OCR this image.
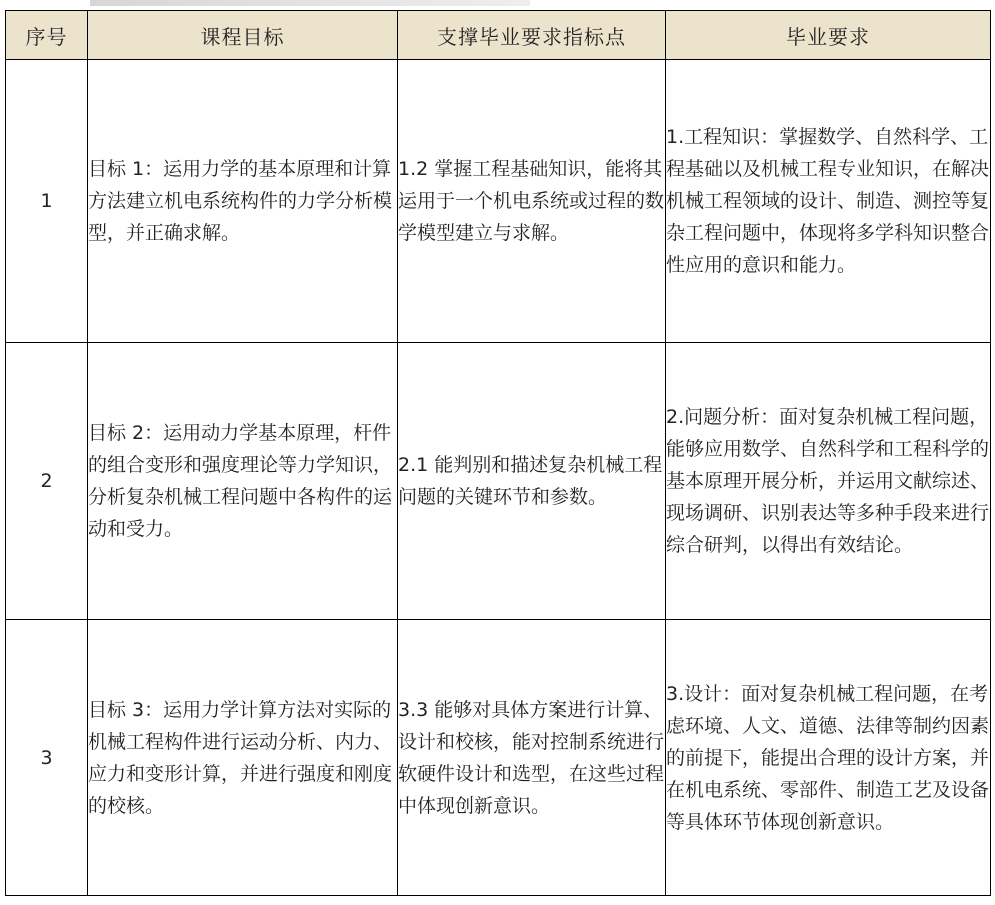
序号	课程目标	支撑毕业要求指标点	毕业要求
1	目标 1：运用力学的基本原理和计算方法建立机电系统构件的力学分析模型，并正确求解。	1.2 掌握工程基础知识，能将其运用于一个机电系统或过程的数学模型建立与求解。	1.工程知识：掌握数学、自然科学、工程基础以及机械工程专业知识，在解决机械工程领域的设计、制造、测控等复杂工程问题中，体现将多学科知识整合性应用的意识和能力。
2	目标 2：运用动力学基本原理，杆件的组合变形和强度理论等力学知识，分析复杂机械工程问题中各构件的运动和受力。	2.1 能判别和描述复杂机械工程问题的关键环节和参数。	2.问题分析：面对复杂机械工程问题，能够应用数学、自然科学和工程科学的基本原理开展分析，并运用文献综述、现场调研、识别表达等多种手段来进行综合研判，以得出有效结论。
3	目标 3：运用力学计算方法对实际的机械工程构件进行运动分析、内力、应力和变形计算，并进行强度和刚度的校核。	3.3 能够对具体方案进行计算、设计和校核，能对控制系统进行软硬件设计和选型，在这些过程中体现创新意识。	3.设计：面对复杂机械工程问题，在考虑环境、人文、道德、法律等制约因素的前提下，能提出合理的设计方案，并在机电系统、零部件、制造工艺及设备等具体环节体现创新意识。
